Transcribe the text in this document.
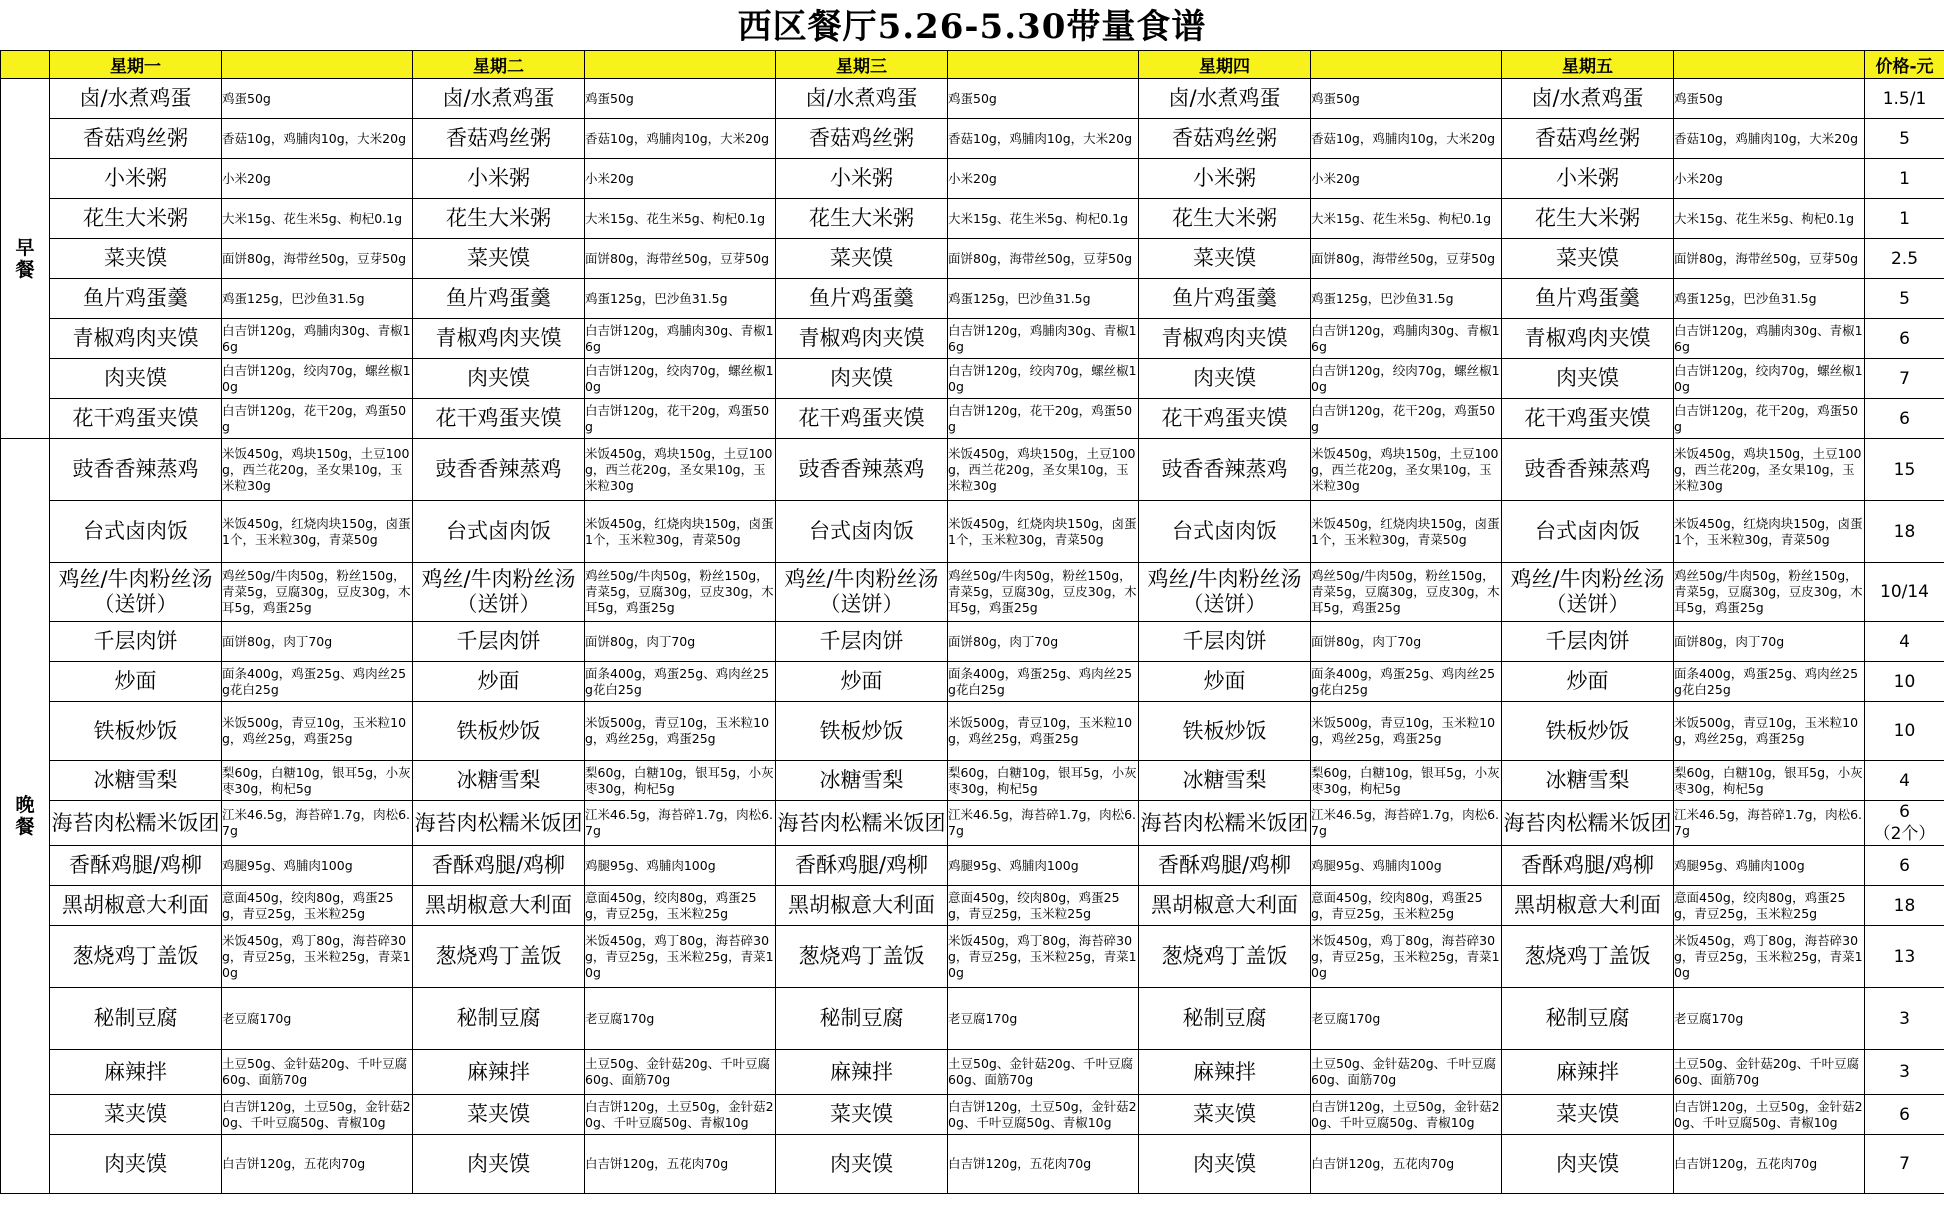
西区餐厅5.26-5.30带量食谱
	星期一		星期二		星期三		星期四		星期五		价格-元
早餐	卤/水煮鸡蛋	鸡蛋50g	卤/水煮鸡蛋	鸡蛋50g	卤/水煮鸡蛋	鸡蛋50g	卤/水煮鸡蛋	鸡蛋50g	卤/水煮鸡蛋	鸡蛋50g	1.5/1
	香菇鸡丝粥	香菇10g，鸡脯肉10g，大米20g	香菇鸡丝粥	香菇10g，鸡脯肉10g，大米20g	香菇鸡丝粥	香菇10g，鸡脯肉10g，大米20g	香菇鸡丝粥	香菇10g，鸡脯肉10g，大米20g	香菇鸡丝粥	香菇10g，鸡脯肉10g，大米20g	5
	小米粥	小米20g	小米粥	小米20g	小米粥	小米20g	小米粥	小米20g	小米粥	小米20g	1
	花生大米粥	大米15g、花生米5g、枸杞0.1g	花生大米粥	大米15g、花生米5g、枸杞0.1g	花生大米粥	大米15g、花生米5g、枸杞0.1g	花生大米粥	大米15g、花生米5g、枸杞0.1g	花生大米粥	大米15g、花生米5g、枸杞0.1g	1
	菜夹馍	面饼80g，海带丝50g，豆芽50g	菜夹馍	面饼80g，海带丝50g，豆芽50g	菜夹馍	面饼80g，海带丝50g，豆芽50g	菜夹馍	面饼80g，海带丝50g，豆芽50g	菜夹馍	面饼80g，海带丝50g，豆芽50g	2.5
	鱼片鸡蛋羹	鸡蛋125g，巴沙鱼31.5g	鱼片鸡蛋羹	鸡蛋125g，巴沙鱼31.5g	鱼片鸡蛋羹	鸡蛋125g，巴沙鱼31.5g	鱼片鸡蛋羹	鸡蛋125g，巴沙鱼31.5g	鱼片鸡蛋羹	鸡蛋125g，巴沙鱼31.5g	5
	青椒鸡肉夹馍	白吉饼120g，鸡脯肉30g、青椒16g	青椒鸡肉夹馍	白吉饼120g，鸡脯肉30g、青椒16g	青椒鸡肉夹馍	白吉饼120g，鸡脯肉30g、青椒16g	青椒鸡肉夹馍	白吉饼120g，鸡脯肉30g、青椒16g	青椒鸡肉夹馍	白吉饼120g，鸡脯肉30g、青椒16g	6
	肉夹馍	白吉饼120g，绞肉70g，螺丝椒10g	肉夹馍	白吉饼120g，绞肉70g，螺丝椒10g	肉夹馍	白吉饼120g，绞肉70g，螺丝椒10g	肉夹馍	白吉饼120g，绞肉70g，螺丝椒10g	肉夹馍	白吉饼120g，绞肉70g，螺丝椒10g	7
	花干鸡蛋夹馍	白吉饼120g，花干20g，鸡蛋50g	花干鸡蛋夹馍	白吉饼120g，花干20g，鸡蛋50g	花干鸡蛋夹馍	白吉饼120g，花干20g，鸡蛋50g	花干鸡蛋夹馍	白吉饼120g，花干20g，鸡蛋50g	花干鸡蛋夹馍	白吉饼120g，花干20g，鸡蛋50g	6
晚餐	豉香香辣蒸鸡	米饭450g，鸡块150g，土豆100g，西兰花20g，圣女果10g，玉米粒30g	豉香香辣蒸鸡	米饭450g，鸡块150g，土豆100g，西兰花20g，圣女果10g，玉米粒30g	豉香香辣蒸鸡	米饭450g，鸡块150g，土豆100g，西兰花20g，圣女果10g，玉米粒30g	豉香香辣蒸鸡	米饭450g，鸡块150g，土豆100g，西兰花20g，圣女果10g，玉米粒30g	豉香香辣蒸鸡	米饭450g，鸡块150g，土豆100g，西兰花20g，圣女果10g，玉米粒30g	15
	台式卤肉饭	米饭450g，红烧肉块150g，卤蛋1个，玉米粒30g，青菜50g	台式卤肉饭	米饭450g，红烧肉块150g，卤蛋1个，玉米粒30g，青菜50g	台式卤肉饭	米饭450g，红烧肉块150g，卤蛋1个，玉米粒30g，青菜50g	台式卤肉饭	米饭450g，红烧肉块150g，卤蛋1个，玉米粒30g，青菜50g	台式卤肉饭	米饭450g，红烧肉块150g，卤蛋1个，玉米粒30g，青菜50g	18
	鸡丝/牛肉粉丝汤（送饼）	鸡丝50g/牛肉50g，粉丝150g，青菜5g，豆腐30g，豆皮30g，木耳5g，鸡蛋25g	鸡丝/牛肉粉丝汤（送饼）	鸡丝50g/牛肉50g，粉丝150g，青菜5g，豆腐30g，豆皮30g，木耳5g，鸡蛋25g	鸡丝/牛肉粉丝汤（送饼）	鸡丝50g/牛肉50g，粉丝150g，青菜5g，豆腐30g，豆皮30g，木耳5g，鸡蛋25g	鸡丝/牛肉粉丝汤（送饼）	鸡丝50g/牛肉50g，粉丝150g，青菜5g，豆腐30g，豆皮30g，木耳5g，鸡蛋25g	鸡丝/牛肉粉丝汤（送饼）	鸡丝50g/牛肉50g，粉丝150g，青菜5g，豆腐30g，豆皮30g，木耳5g，鸡蛋25g	10/14
	千层肉饼	面饼80g，肉丁70g	千层肉饼	面饼80g，肉丁70g	千层肉饼	面饼80g，肉丁70g	千层肉饼	面饼80g，肉丁70g	千层肉饼	面饼80g，肉丁70g	4
	炒面	面条400g，鸡蛋25g、鸡肉丝25g花白25g	炒面	面条400g，鸡蛋25g、鸡肉丝25g花白25g	炒面	面条400g，鸡蛋25g、鸡肉丝25g花白25g	炒面	面条400g，鸡蛋25g、鸡肉丝25g花白25g	炒面	面条400g，鸡蛋25g、鸡肉丝25g花白25g	10
	铁板炒饭	米饭500g，青豆10g，玉米粒10g，鸡丝25g，鸡蛋25g	铁板炒饭	米饭500g，青豆10g，玉米粒10g，鸡丝25g，鸡蛋25g	铁板炒饭	米饭500g，青豆10g，玉米粒10g，鸡丝25g，鸡蛋25g	铁板炒饭	米饭500g，青豆10g，玉米粒10g，鸡丝25g，鸡蛋25g	铁板炒饭	米饭500g，青豆10g，玉米粒10g，鸡丝25g，鸡蛋25g	10
	冰糖雪梨	梨60g，白糖10g，银耳5g，小灰枣30g，枸杞5g	冰糖雪梨	梨60g，白糖10g，银耳5g，小灰枣30g，枸杞5g	冰糖雪梨	梨60g，白糖10g，银耳5g，小灰枣30g，枸杞5g	冰糖雪梨	梨60g，白糖10g，银耳5g，小灰枣30g，枸杞5g	冰糖雪梨	梨60g，白糖10g，银耳5g，小灰枣30g，枸杞5g	4
	海苔肉松糯米饭团	江米46.5g，海苔碎1.7g，肉松6.7g	海苔肉松糯米饭团	江米46.5g，海苔碎1.7g，肉松6.7g	海苔肉松糯米饭团	江米46.5g，海苔碎1.7g，肉松6.7g	海苔肉松糯米饭团	江米46.5g，海苔碎1.7g，肉松6.7g	海苔肉松糯米饭团	江米46.5g，海苔碎1.7g，肉松6.7g	6
（2个）
	香酥鸡腿/鸡柳	鸡腿95g、鸡脯肉100g	香酥鸡腿/鸡柳	鸡腿95g、鸡脯肉100g	香酥鸡腿/鸡柳	鸡腿95g、鸡脯肉100g	香酥鸡腿/鸡柳	鸡腿95g、鸡脯肉100g	香酥鸡腿/鸡柳	鸡腿95g、鸡脯肉100g	6
	黑胡椒意大利面	意面450g，绞肉80g，鸡蛋25g，青豆25g，玉米粒25g	黑胡椒意大利面	意面450g，绞肉80g，鸡蛋25g，青豆25g，玉米粒25g	黑胡椒意大利面	意面450g，绞肉80g，鸡蛋25g，青豆25g，玉米粒25g	黑胡椒意大利面	意面450g，绞肉80g，鸡蛋25g，青豆25g，玉米粒25g	黑胡椒意大利面	意面450g，绞肉80g，鸡蛋25g，青豆25g，玉米粒25g	18
	葱烧鸡丁盖饭	米饭450g，鸡丁80g，海苔碎30g，青豆25g，玉米粒25g，青菜10g	葱烧鸡丁盖饭	米饭450g，鸡丁80g，海苔碎30g，青豆25g，玉米粒25g，青菜10g	葱烧鸡丁盖饭	米饭450g，鸡丁80g，海苔碎30g，青豆25g，玉米粒25g，青菜10g	葱烧鸡丁盖饭	米饭450g，鸡丁80g，海苔碎30g，青豆25g，玉米粒25g，青菜10g	葱烧鸡丁盖饭	米饭450g，鸡丁80g，海苔碎30g，青豆25g，玉米粒25g，青菜10g	13
	秘制豆腐	老豆腐170g	秘制豆腐	老豆腐170g	秘制豆腐	老豆腐170g	秘制豆腐	老豆腐170g	秘制豆腐	老豆腐170g	3
	麻辣拌	土豆50g、金针菇20g、千叶豆腐60g、面筋70g	麻辣拌	土豆50g、金针菇20g、千叶豆腐60g、面筋70g	麻辣拌	土豆50g、金针菇20g、千叶豆腐60g、面筋70g	麻辣拌	土豆50g、金针菇20g、千叶豆腐60g、面筋70g	麻辣拌	土豆50g、金针菇20g、千叶豆腐60g、面筋70g	3
	菜夹馍	白吉饼120g，土豆50g，金针菇20g、千叶豆腐50g、青椒10g	菜夹馍	白吉饼120g，土豆50g，金针菇20g、千叶豆腐50g、青椒10g	菜夹馍	白吉饼120g，土豆50g，金针菇20g、千叶豆腐50g、青椒10g	菜夹馍	白吉饼120g，土豆50g，金针菇20g、千叶豆腐50g、青椒10g	菜夹馍	白吉饼120g，土豆50g，金针菇20g、千叶豆腐50g、青椒10g	6
	肉夹馍	白吉饼120g，五花肉70g	肉夹馍	白吉饼120g，五花肉70g	肉夹馍	白吉饼120g，五花肉70g	肉夹馍	白吉饼120g，五花肉70g	肉夹馍	白吉饼120g，五花肉70g	7
